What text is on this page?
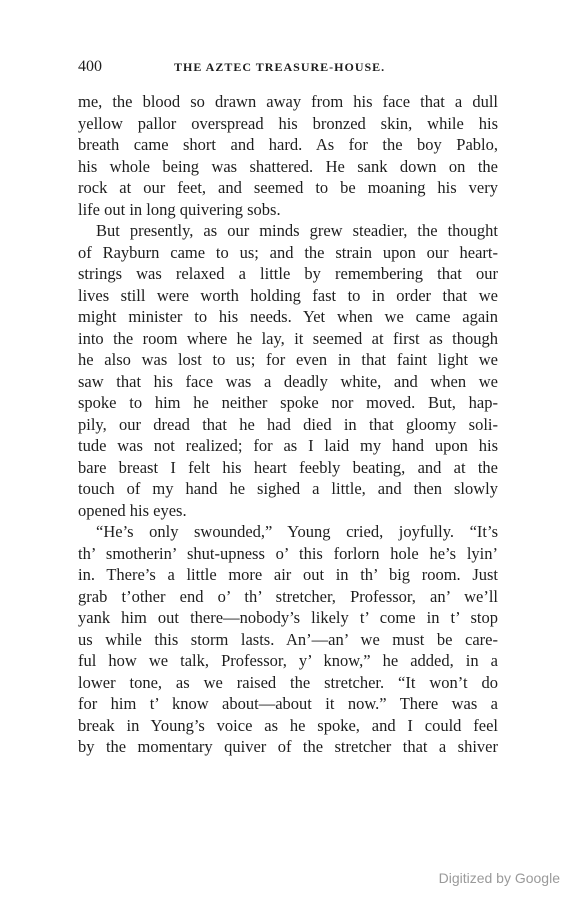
400	THE AZTEC TREASURE-HOUSE.
me, the blood so drawn away from his face that a dull
yellow pallor overspread his bronzed skin, while his
breath came short and hard. As for the boy Pablo,
his whole being was shattered. He sank down on the
rock at our feet, and seemed to be moaning his very
life out in long quivering sobs.
But presently, as our minds grew steadier, the thought
of Rayburn came to us; and the strain upon our heart-
strings was relaxed a little by remembering that our
lives still were worth holding fast to in order that we
might minister to his needs. Yet when we came again
into the room where he lay, it seemed at first as though
he also was lost to us; for even in that faint light we
saw that his face was a deadly white, and when we
spoke to him he neither spoke nor moved. But, hap-
pily, our dread that he had died in that gloomy soli-
tude was not realized; for as I laid my hand upon his
bare breast I felt his heart feebly beating, and at the
touch of my hand he sighed a little, and then slowly
opened his eyes.
“He’s only swounded,” Young cried, joyfully. “It’s
th’ smotherin’ shut-upness o’ this forlorn hole he’s lyin’
in. There’s a little more air out in th’ big room. Just
grab t’other end o’ th’ stretcher, Professor, an’ we’ll
yank him out there—nobody’s likely t’ come in t’ stop
us while this storm lasts. An’—an’ we must be care-
ful how we talk, Professor, y’ know,” he added, in a
lower tone, as we raised the stretcher. “It won’t do
for him t’ know about—about it now.” There was a
break in Young’s voice as he spoke, and I could feel
by the momentary quiver of the stretcher that a shiver
Digitized by Google
